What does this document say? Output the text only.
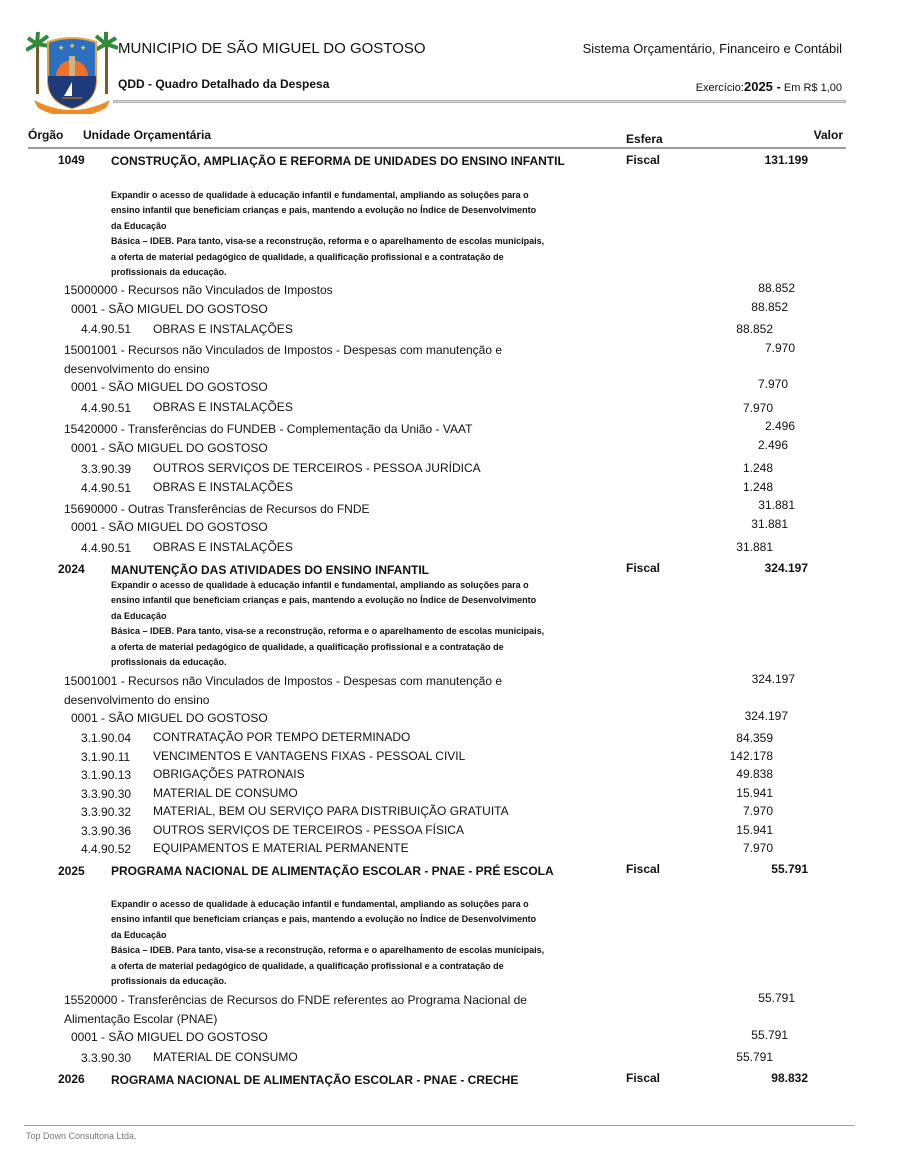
★ ★ ★ MUNICIPIO DE SÃO MIGUEL DO GOSTOSO
QDD - Quadro Detalhado da Despesa
Sistema Orçamentário, Financeiro e Contábil
Exercício:2025 - Em R$ 1,00
Órgão Unidade Orçamentária	Esfera	Valor
1049 CONSTRUÇÃO, AMPLIAÇÃO E REFORMA DE UNIDADES DO ENSINO INFANTIL	Fiscal	131.199
Expandir o acesso de qualidade à educação infantil e fundamental, ampliando as soluções para o
ensino infantil que beneficiam crianças e pais, mantendo a evolução no Índice de Desenvolvimento
da Educação
Básica – IDEB. Para tanto, visa-se a reconstrução, reforma e o aparelhamento de escolas municipais,
a oferta de material pedagógico de qualidade, a qualificação profissional e a contratação de
profissionais da educação.
15000000 - Recursos não Vinculados de Impostos	88.852
0001 - SÃO MIGUEL DO GOSTOSO	88.852
4.4.90.51 OBRAS E INSTALAÇÕES	88.852
15001001 - Recursos não Vinculados de Impostos - Despesas com manutenção e desenvolvimento do ensino
7.970
0001 - SÃO MIGUEL DO GOSTOSO	7.970
4.4.90.51 OBRAS E INSTALAÇÕES	7.970
15420000 - Transferências do FUNDEB - Complementação da União - VAAT	2.496
0001 - SÃO MIGUEL DO GOSTOSO	2.496
3.3.90.39 OUTROS SERVIÇOS DE TERCEIROS - PESSOA JURÍDICA	1.248
4.4.90.51 OBRAS E INSTALAÇÕES	1.248
15690000 - Outras Transferências de Recursos do FNDE	31.881
0001 - SÃO MIGUEL DO GOSTOSO	31.881
4.4.90.51 OBRAS E INSTALAÇÕES	31.881
2024 MANUTENÇÃO DAS ATIVIDADES DO ENSINO INFANTIL	Fiscal	324.197
Expandir o acesso de qualidade à educação infantil e fundamental, ampliando as soluções para o
ensino infantil que beneficiam crianças e pais, mantendo a evolução no Índice de Desenvolvimento
da Educação
Básica – IDEB. Para tanto, visa-se a reconstrução, reforma e o aparelhamento de escolas municipais,
a oferta de material pedagógico de qualidade, a qualificação profissional e a contratação de
profissionais da educação.
15001001 - Recursos não Vinculados de Impostos - Despesas com manutenção e desenvolvimento do ensino
324.197
0001 - SÃO MIGUEL DO GOSTOSO	324.197
3.1.90.04 CONTRATAÇÃO POR TEMPO DETERMINADO	84.359
3.1.90.11 VENCIMENTOS E VANTAGENS FIXAS - PESSOAL CIVIL	142.178
3.1.90.13 OBRIGAÇÕES PATRONAIS	49.838
3.3.90.30 MATERIAL DE CONSUMO	15.941
3.3.90.32 MATERIAL, BEM OU SERVIÇO PARA DISTRIBUIÇÃO GRATUITA	7.970
3.3.90.36 OUTROS SERVIÇOS DE TERCEIROS - PESSOA FÍSICA	15.941
4.4.90.52 EQUIPAMENTOS E MATERIAL PERMANENTE	7.970
2025 PROGRAMA NACIONAL DE ALIMENTAÇÃO ESCOLAR - PNAE - PRÉ ESCOLA	Fiscal	55.791
Expandir o acesso de qualidade à educação infantil e fundamental, ampliando as soluções para o
ensino infantil que beneficiam crianças e pais, mantendo a evolução no Índice de Desenvolvimento
da Educação
Básica – IDEB. Para tanto, visa-se a reconstrução, reforma e o aparelhamento de escolas municipais,
a oferta de material pedagógico de qualidade, a qualificação profissional e a contratação de
profissionais da educação.
15520000 - Transferências de Recursos do FNDE referentes ao Programa Nacional de Alimentação Escolar (PNAE)
55.791
0001 - SÃO MIGUEL DO GOSTOSO	55.791
3.3.90.30 MATERIAL DE CONSUMO	55.791
2026 ROGRAMA NACIONAL DE ALIMENTAÇÃO ESCOLAR - PNAE - CRECHE	Fiscal	98.832
Top Down Consultoria Ltda.
